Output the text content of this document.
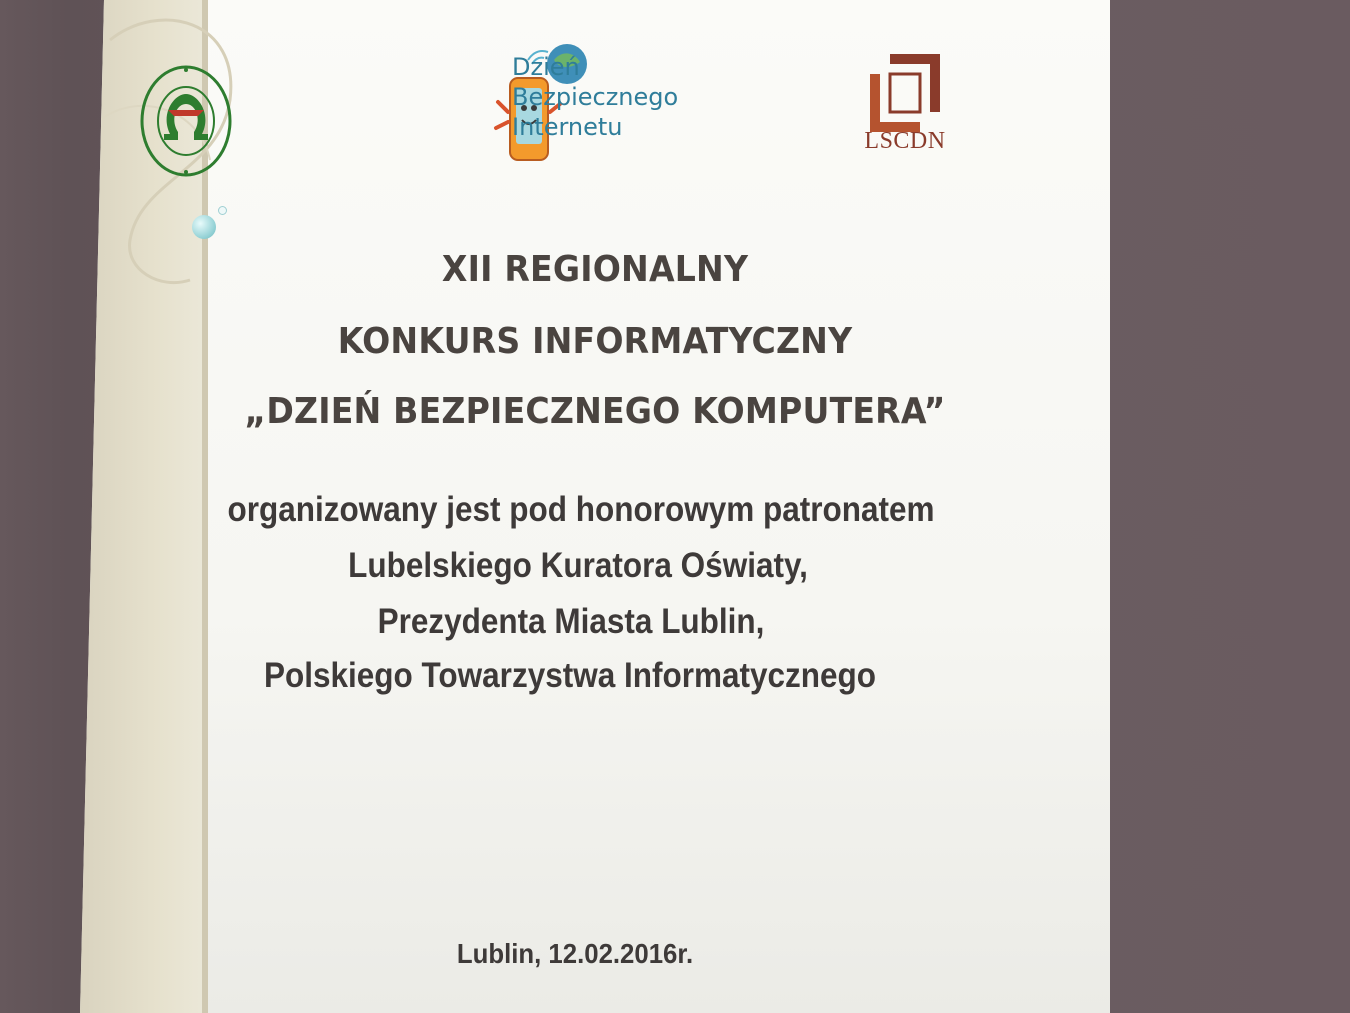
Dzień
Bezpiecznego
Internetu	LSCDN
XII REGIONALNY
KONKURS INFORMATYCZNY
„DZIEŃ BEZPIECZNEGO KOMPUTERA”
organizowany jest pod honorowym patronatem
Lubelskiego Kuratora Oświaty,
Prezydenta Miasta Lublin,
Polskiego Towarzystwa Informatycznego
Lublin, 12.02.2016r.
